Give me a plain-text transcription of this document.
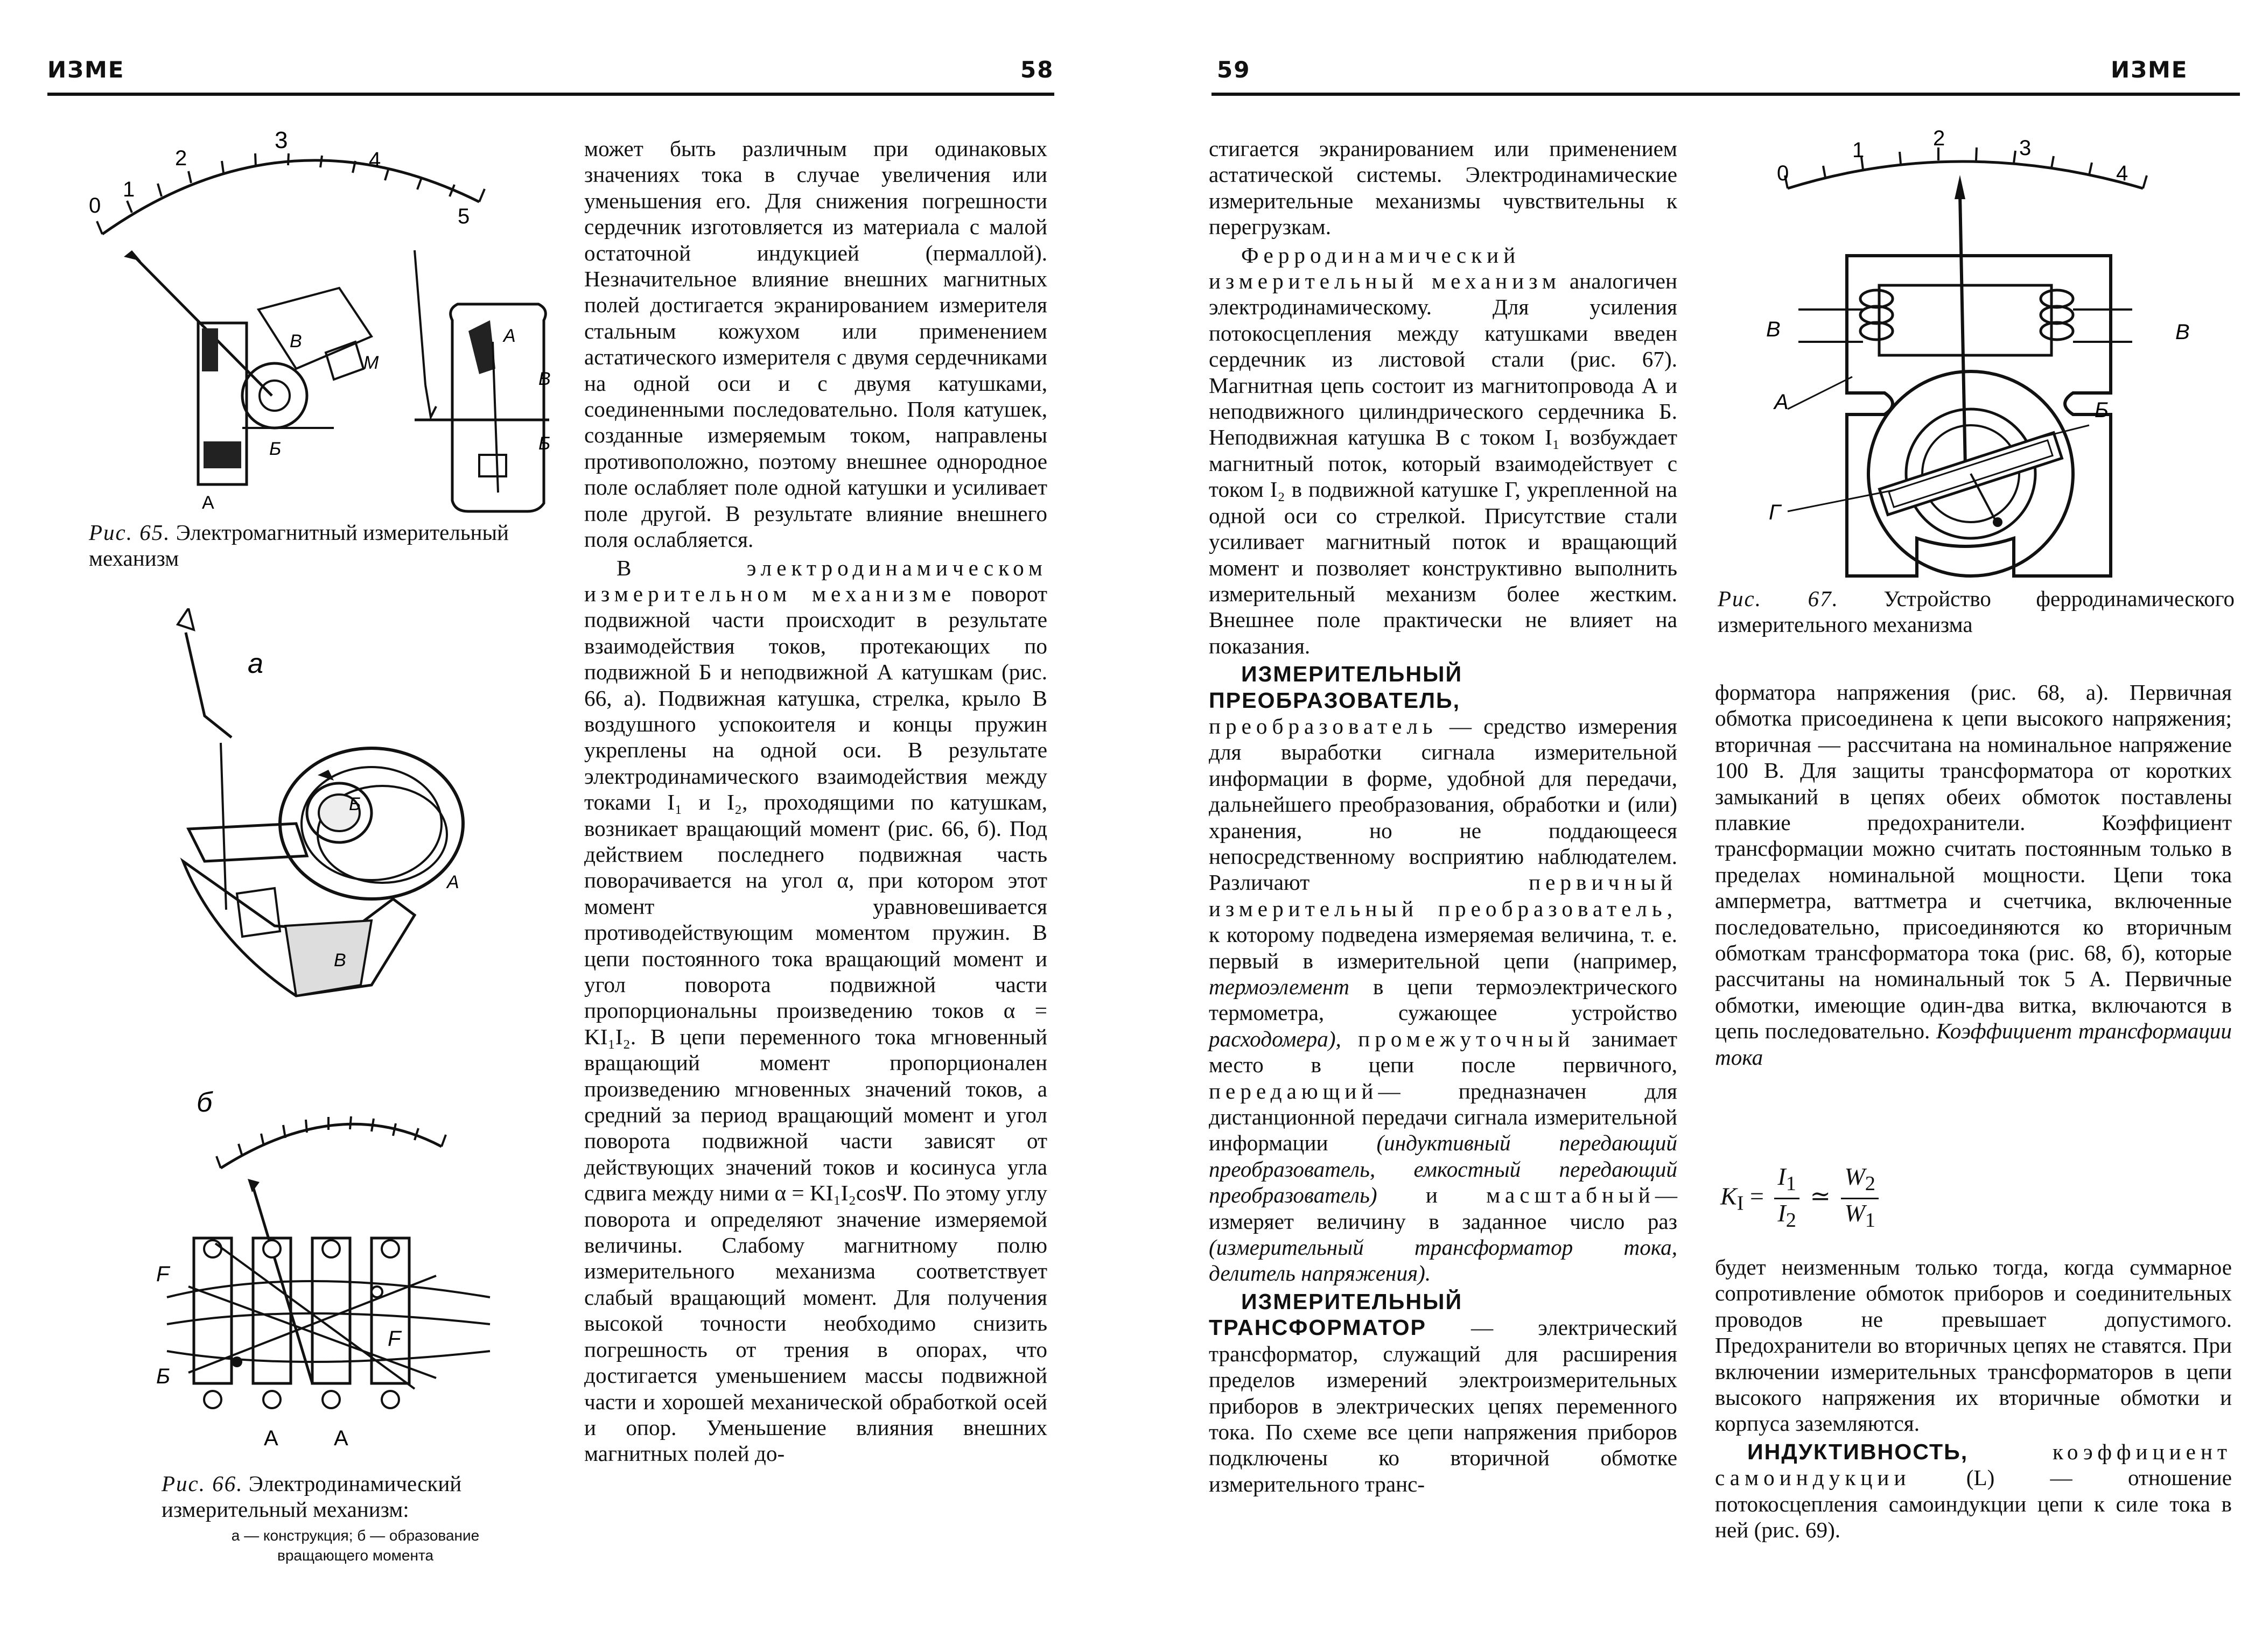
ИЗМЕ	58
0
1
2
3
4
5
В
М
А
Б
А
В
Б
Рис. 65. Электромагнитный измерительный механизм
а
Б
А
В
б
F
F
Б
А	А
Рис. 66. Электродинамический измерительный механизм:
а — конструкция; б — образование
вращающего момента

может быть различным при одинаковых значениях тока в случае увеличения или уменьшения его. Для снижения погрешности сердечник изготовляется из материала с малой остаточной индукцией (пермаллой). Незначительное влияние внешних магнитных полей достигается экранированием измерителя стальным кожухом или применением астатического измерителя с двумя сердечниками на одной оси и с двумя катушками, соединенными последовательно. Поля катушек, созданные измеряемым током, направлены противоположно, поэтому внешнее однородное поле ослабляет поле одной катушки и усиливает поле другой. В результате влияние внешнего поля ослабляется.

В электродинамическом измерительном механизме поворот подвижной части происходит в результате взаимодействия токов, протекающих по подвижной Б и неподвижной А катушкам (рис. 66, а). Подвижная катушка, стрелка, крыло В воздушного успокоителя и концы пружин укреплены на одной оси. В результате электродинамического взаимодействия между токами I₁ и I₂, проходящими по катушкам, возникает вращающий момент (рис. 66, б). Под действием последнего подвижная часть поворачивается на угол α, при котором этот момент уравновешивается противодействующим моментом пружин. В цепи постоянного тока вращающий момент и угол поворота подвижной части пропорциональны произведению токов α = KI₁I₂. В цепи переменного тока мгновенный вращающий момент пропорционален произведению мгновенных значений токов, а средний за период вращающий момент и угол поворота подвижной части зависят от действующих значений токов и косинуса угла сдвига между ними α = KI₁I₂cosΨ. По этому углу поворота и определяют значение измеряемой величины. Слабому магнитному полю измерительного механизма соответствует слабый вращающий момент. Для получения высокой точности необходимо снизить погрешность от трения в опорах, что достигается уменьшением массы подвижной части и хорошей механической обработкой осей и опор. Уменьшение влияния внешних магнитных полей до-

59	ИЗМЕ

стигается экранированием или применением астатической системы. Электродинамические измерительные механизмы чувствительны к перегрузкам.

Ферродинамический измерительный механизм аналогичен электродинамическому. Для усиления потокосцепления между катушками введен сердечник из листовой стали (рис. 67). Магнитная цепь состоит из магнитопровода А и неподвижного цилиндрического сердечника Б. Неподвижная катушка В с током I₁ возбуждает магнитный поток, который взаимодействует с током I₂ в подвижной катушке Г, укрепленной на одной оси со стрелкой. Присутствие стали усиливает магнитный поток и вращающий момент и позволяет конструктивно выполнить измерительный механизм более жестким. Внешнее поле практически не влияет на показания.

ИЗМЕРИТЕЛЬНЫЙ ПРЕОБРАЗОВАТЕЛЬ, преобразователь — средство измерения для выработки сигнала измерительной информации в форме, удобной для передачи, дальнейшего преобразования, обработки и (или) хранения, но не поддающееся непосредственному восприятию наблюдателем. Различают	первичный измерительный преобразователь, к которому подведена измеряемая величина, т. е. первый в измерительной цепи (например, термоэлемент в цепи термоэлектрического термометра, сужающее устройство расходомера), промежуточный занимает место в цепи после первичного, передающий— предназначен для дистанционной передачи сигнала измерительной информации (индуктивный передающий преобразователь, емкостный передающий преобразователь) и масштабный— измеряет величину в заданное число раз (измерительный трансформатор тока, делитель напряжения).

ИЗМЕРИТЕЛЬНЫЙ ТРАНСФОРМАТОР — электрический трансформатор, служащий для расширения пределов измерений электроизмерительных приборов в электрических цепях переменного тока. По схеме все цепи напряжения приборов подключены ко вторичной обмотке измерительного транс-

0
1	2	3
4
В	В
А	Б
Г
Рис. 67. Устройство ферродинамического измерительного механизма

форматора напряжения (рис. 68, а). Первичная обмотка присоединена к цепи высокого напряжения; вторичная — рассчитана на номинальное напряжение 100 В. Для защиты трансформатора от коротких замыканий в цепях обеих обмоток поставлены плавкие предохранители. Коэффициент трансформации можно считать постоянным только в пределах номинальной мощности. Цепи тока амперметра, ваттметра и счетчика, включенные последовательно, присоединяются ко вторичным обмоткам трансформатора тока (рис. 68, б), которые рассчитаны на номинальный ток 5 А. Первичные обмотки, имеющие один-два витка, включаются в цепь последовательно. Коэффициент трансформации тока

$K_I = \frac{I_1}{I_2}$ ≃ $\frac{W_2}{W_1}$

будет неизменным только тогда, когда суммарное сопротивление обмоток приборов и соединительных проводов не превышает допустимого. Предохранители во вторичных цепях не ставятся. При включении измерительных трансформаторов в цепи высокого напряжения их вторичные обмотки и корпуса заземляются.

ИНДУКТИВНОСТЬ,	коэффициент самоиндукции	(L) — отношение потокосцепления самоиндукции цепи к силе тока в ней (рис. 69).
